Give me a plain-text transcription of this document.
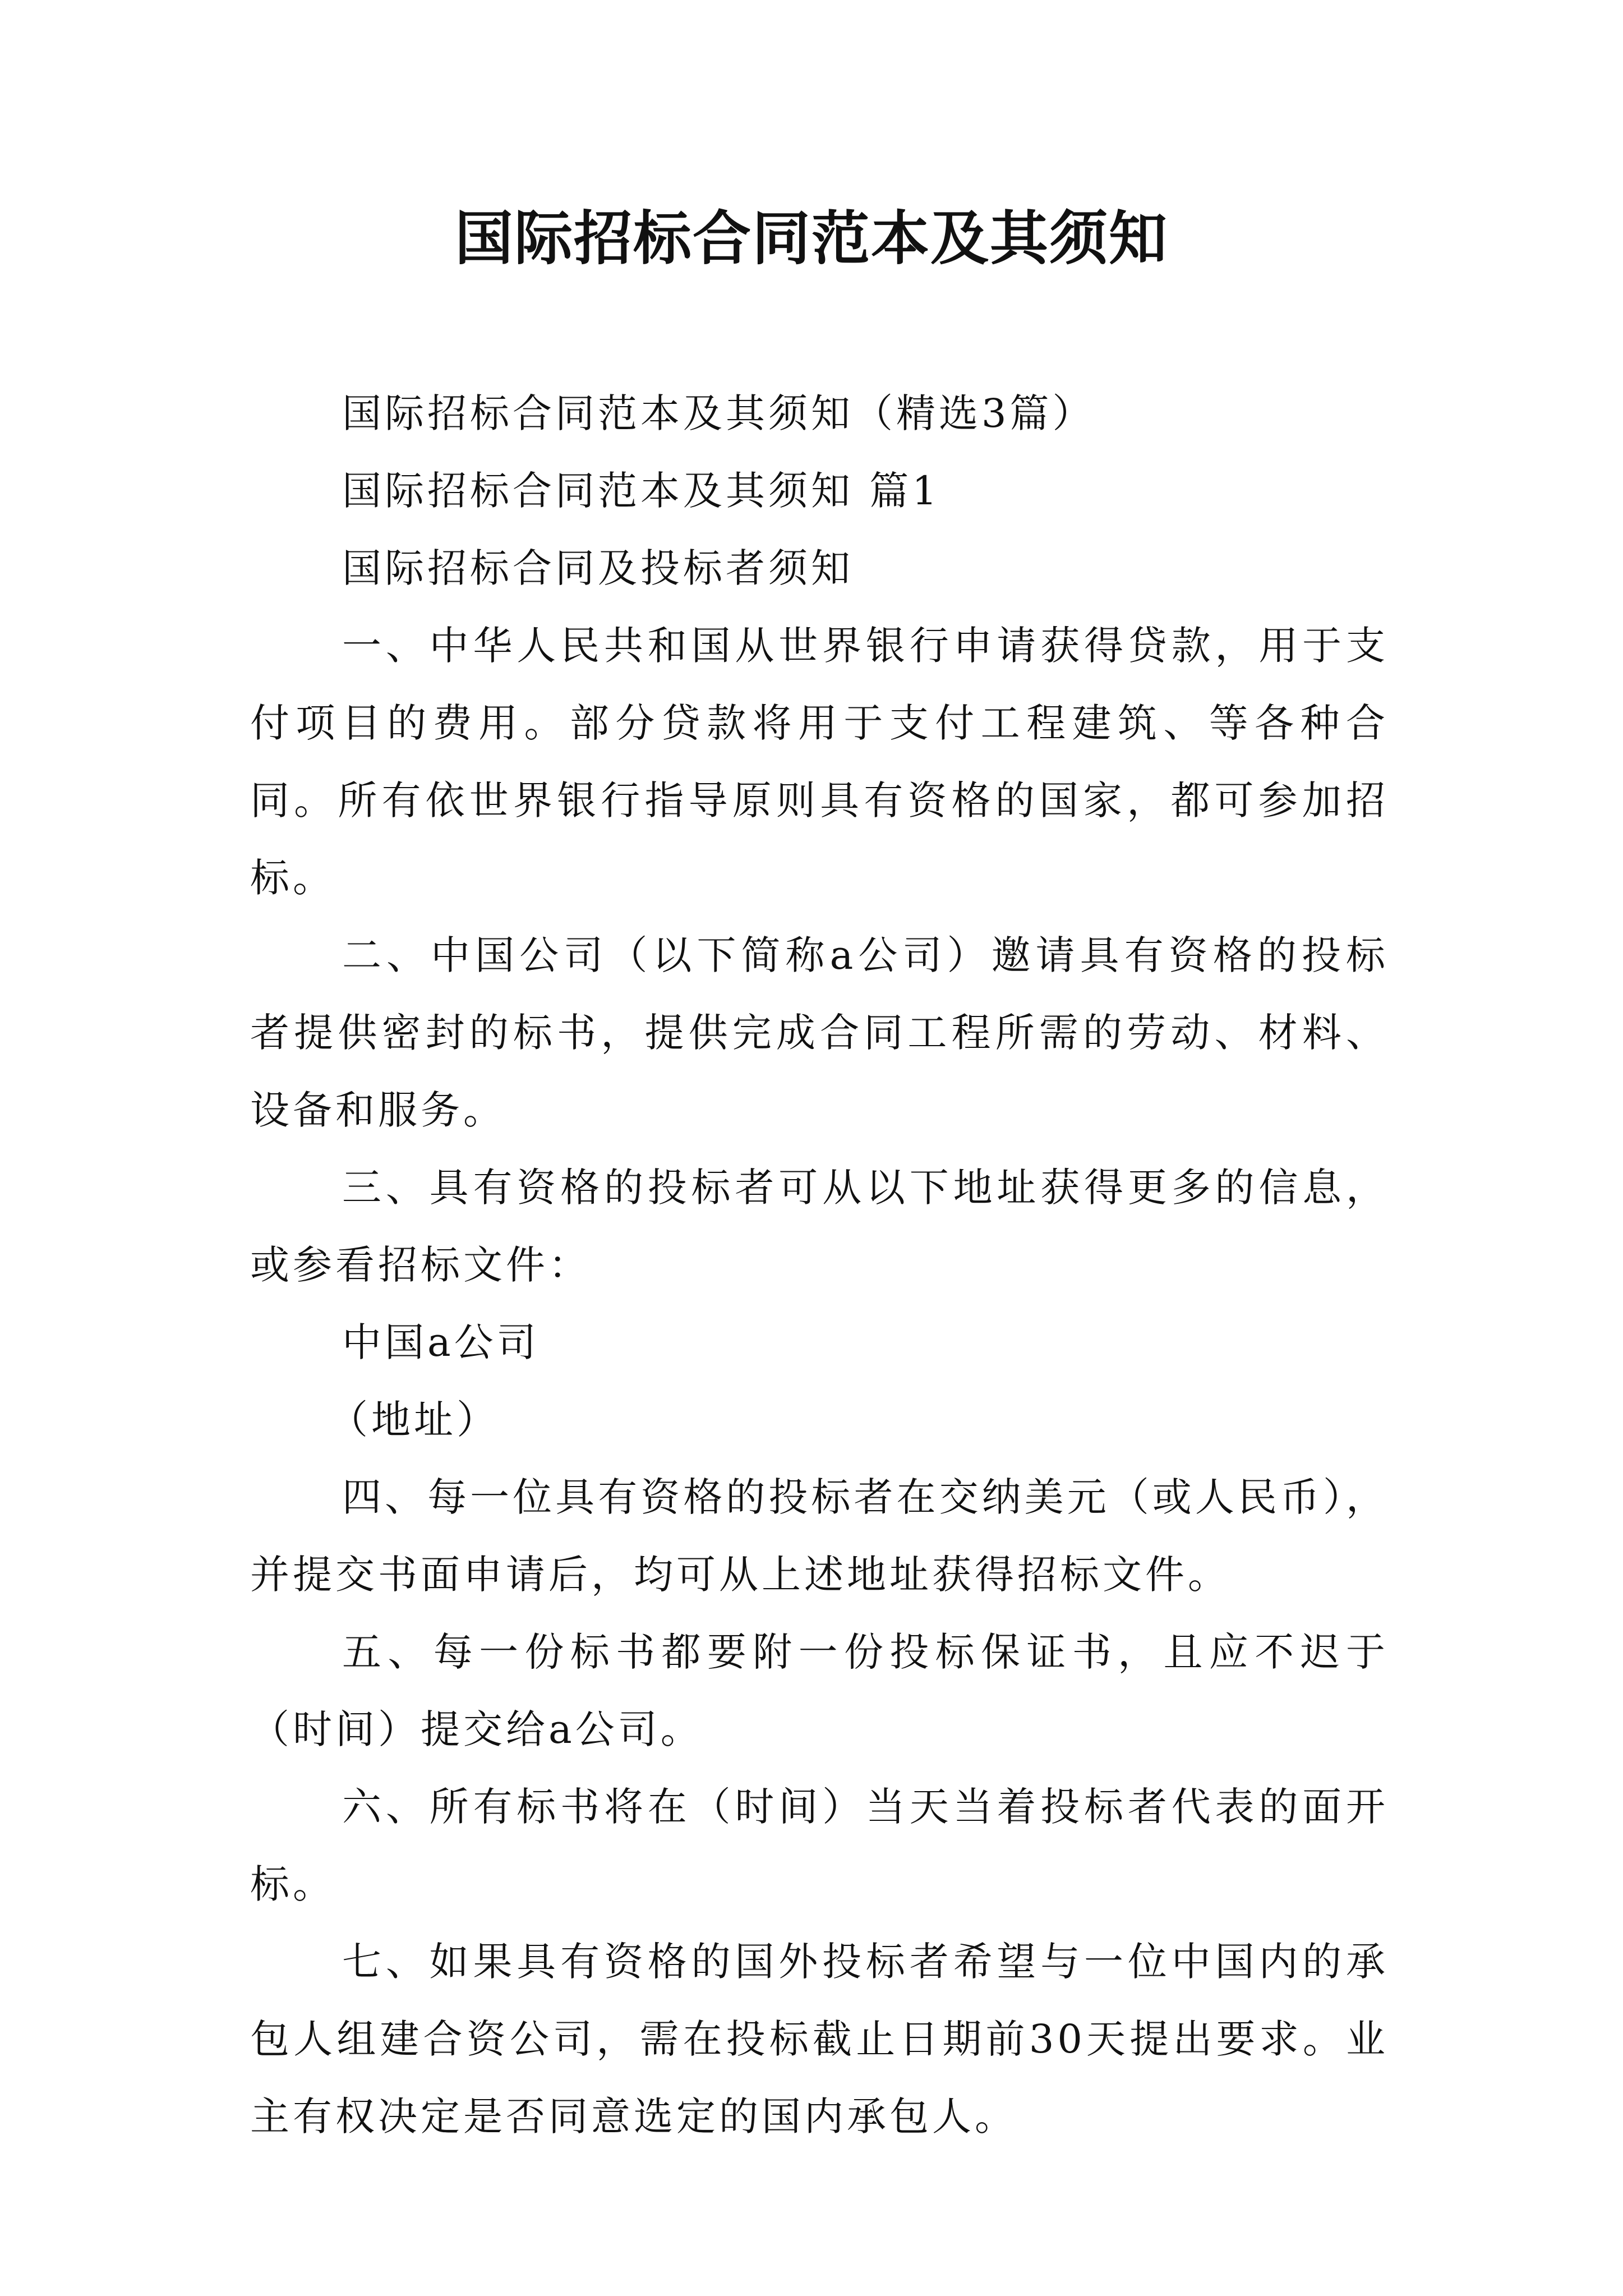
国际招标合同范本及其须知

国际招标合同范本及其须知（精选3篇）

国际招标合同范本及其须知 篇1

国际招标合同及投标者须知

一、中华人民共和国从世界银行申请获得贷款，用于支付项目的费用。部分贷款将用于支付工程建筑、等各种合同。所有依世界银行指导原则具有资格的国家，都可参加招标。

二、中国公司（以下简称a公司）邀请具有资格的投标者提供密封的标书，提供完成合同工程所需的劳动、材料、设备和服务。

三、具有资格的投标者可从以下地址获得更多的信息，或参看招标文件：

中国a公司

（地址）

四、每一位具有资格的投标者在交纳美元（或人民币），并提交书面申请后，均可从上述地址获得招标文件。

五、每一份标书都要附一份投标保证书，且应不迟于（时间）提交给a公司。

六、所有标书将在（时间）当天当着投标者代表的面开标。

七、如果具有资格的国外投标者希望与一位中国内的承包人组建合资公司，需在投标截止日期前30天提出要求。业主有权决定是否同意选定的国内承包人。
